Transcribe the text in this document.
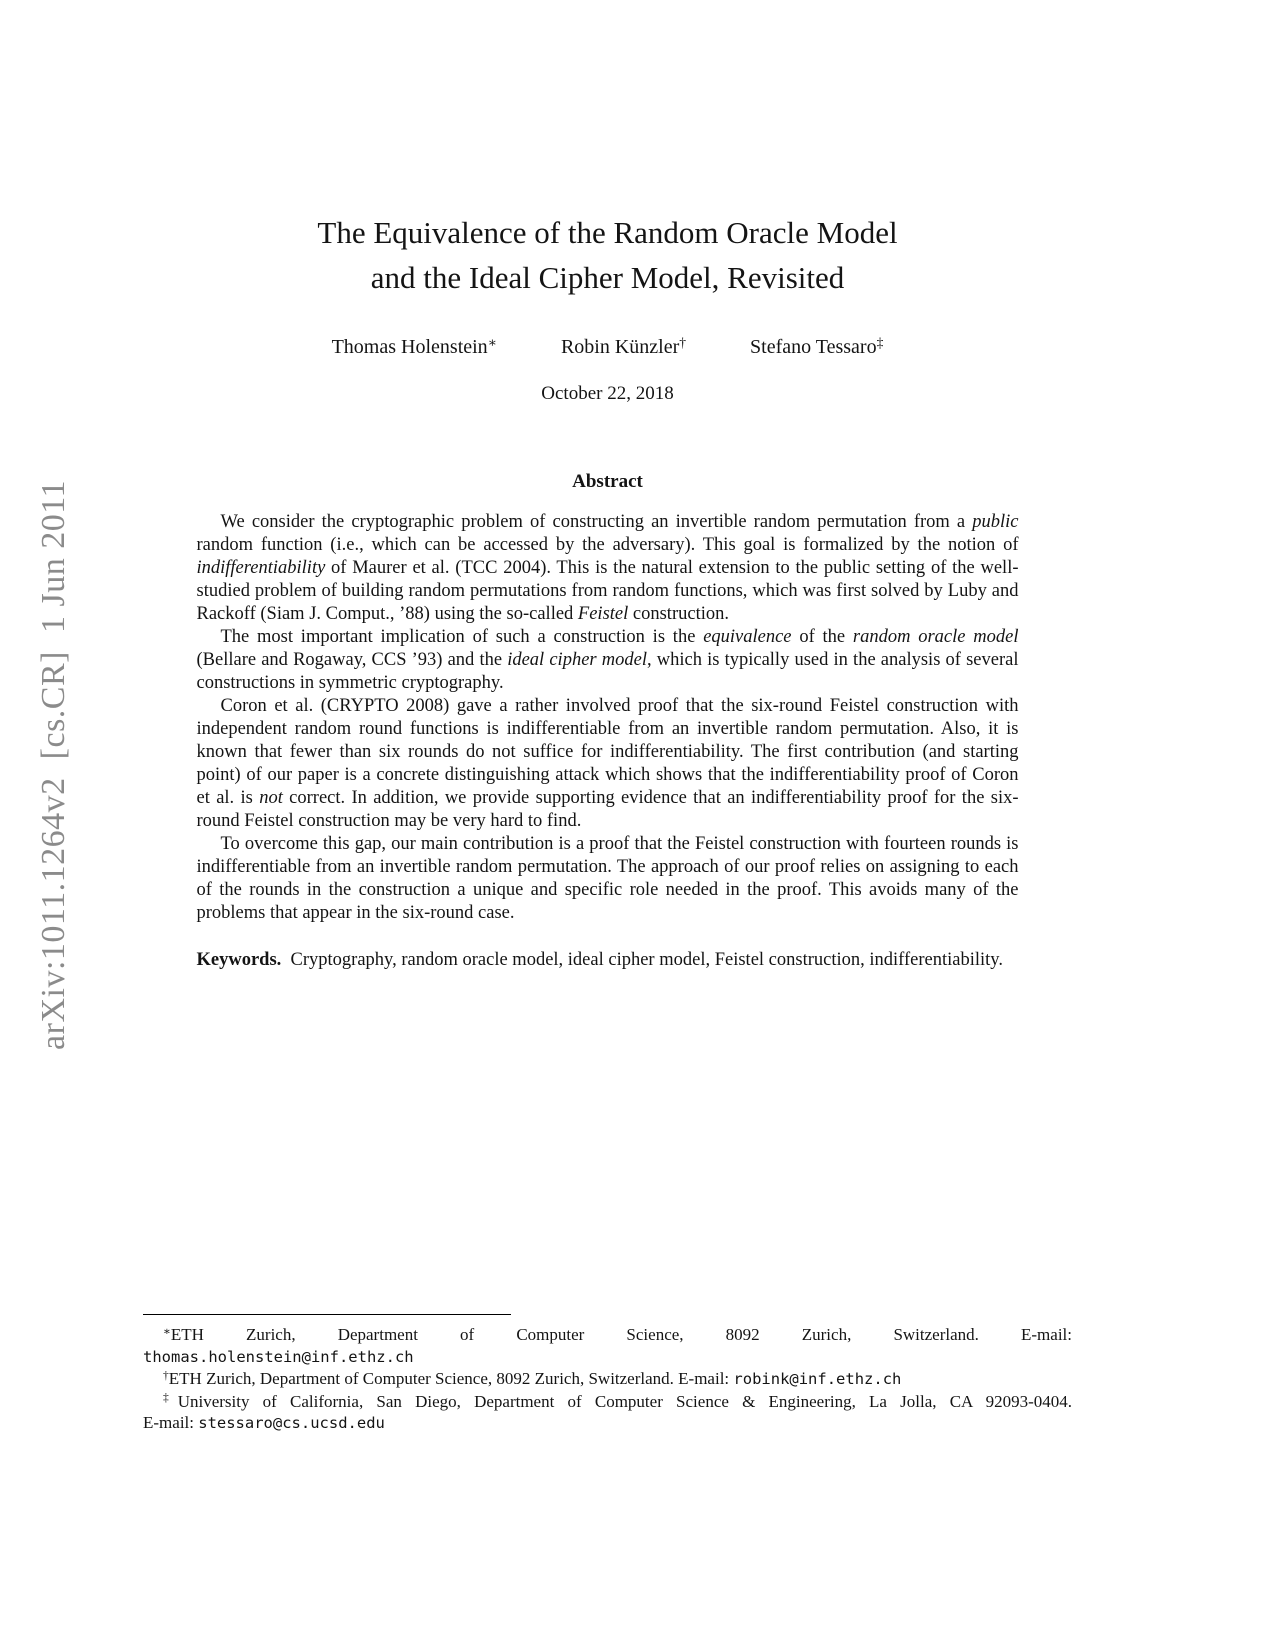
arXiv:1011.1264v2  [cs.CR]  1 Jun 2011
The Equivalence of the Random Oracle Model
and the Ideal Cipher Model, Revisited
Thomas Holenstein∗	Robin Künzler†	Stefano Tessaro‡
October 22, 2018
Abstract

We consider the cryptographic problem of constructing an invertible random permutation from a public random function (i.e., which can be accessed by the adversary). This goal is formalized by the notion of indifferentiability of Maurer et al. (TCC 2004). This is the natural extension to the public setting of the well-studied problem of building random permutations from random functions, which was first solved by Luby and Rackoff (Siam J. Comput., ’88) using the so-called Feistel construction.

The most important implication of such a construction is the equivalence of the random oracle model (Bellare and Rogaway, CCS ’93) and the ideal cipher model, which is typically used in the analysis of several constructions in symmetric cryptography.

Coron et al. (CRYPTO 2008) gave a rather involved proof that the six-round Feistel construction with independent random round functions is indifferentiable from an invertible random permutation. Also, it is known that fewer than six rounds do not suffice for indifferentiability. The first contribution (and starting point) of our paper is a concrete distinguishing attack which shows that the indifferentiability proof of Coron et al. is not correct. In addition, we provide supporting evidence that an indifferentiability proof for the six-round Feistel construction may be very hard to find.

To overcome this gap, our main contribution is a proof that the Feistel construction with fourteen rounds is indifferentiable from an invertible random permutation. The approach of our proof relies on assigning to each of the rounds in the construction a unique and specific role needed in the proof. This avoids many of the problems that appear in the six-round case.

Keywords. Cryptography, random oracle model, ideal cipher model, Feistel construction, indifferentiability.

∗ETH Zurich, Department of Computer Science, 8092 Zurich, Switzerland. E-mail:
thomas.holenstein@inf.ethz.ch
†ETH Zurich, Department of Computer Science, 8092 Zurich, Switzerland. E-mail: robink@inf.ethz.ch
‡University of California, San Diego, Department of Computer Science & Engineering, La Jolla, CA 92093-0404.
E-mail: stessaro@cs.ucsd.edu
